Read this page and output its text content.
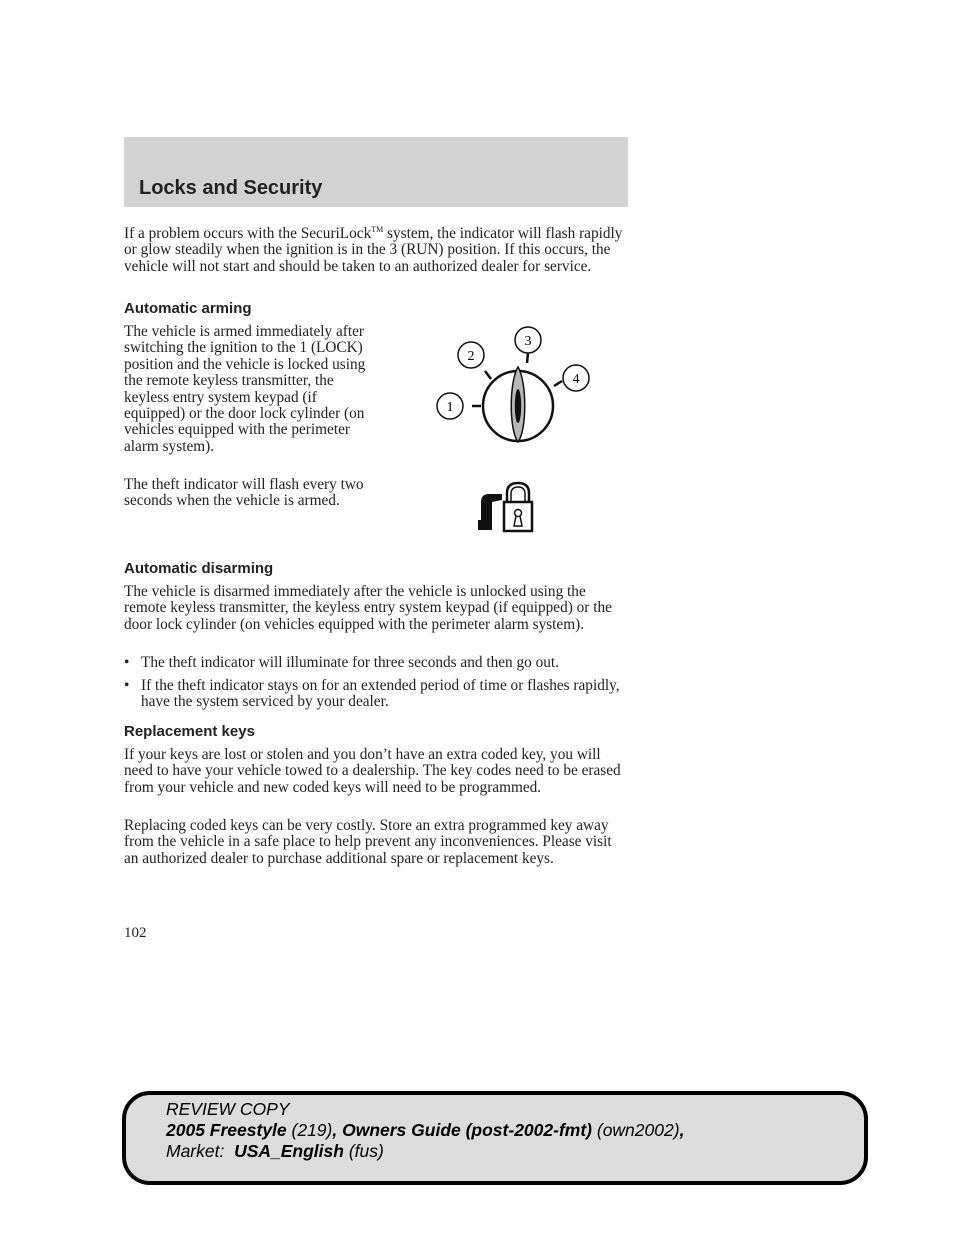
Locks and Security

If a problem occurs with the SecuriLock™ system, the indicator will flash rapidly or glow steadily when the ignition is in the 3 (RUN) position. If this occurs, the vehicle will not start and should be taken to an authorized dealer for service.

Automatic arming

The vehicle is armed immediately after switching the ignition to the 1 (LOCK) position and the vehicle is locked using the remote keyless transmitter, the keyless entry system keypad (if equipped) or the door lock cylinder (on vehicles equipped with the perimeter alarm system).

The theft indicator will flash every two seconds when the vehicle is armed.

1
2
3
4
Automatic disarming

The vehicle is disarmed immediately after the vehicle is unlocked using the remote keyless transmitter, the keyless entry system keypad (if equipped) or the door lock cylinder (on vehicles equipped with the perimeter alarm system).

• The theft indicator will illuminate for three seconds and then go out.
• If the theft indicator stays on for an extended period of time or flashes rapidly, have the system serviced by your dealer.
Replacement keys

If your keys are lost or stolen and you don’t have an extra coded key, you will need to have your vehicle towed to a dealership. The key codes need to be erased from your vehicle and new coded keys will need to be programmed.

Replacing coded keys can be very costly. Store an extra programmed key away from the vehicle in a safe place to help prevent any inconveniences. Please visit an authorized dealer to purchase additional spare or replacement keys.

102
REVIEW COPY
2005 Freestyle (219), Owners Guide (post-2002-fmt) (own2002),
Market:  USA_English (fus)
